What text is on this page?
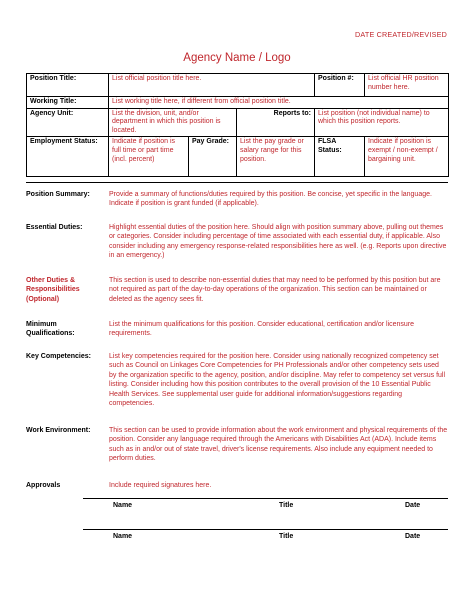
DATE CREATED/REVISED
Agency Name / Logo
Position Title:	List official position title here.			Position #:	List official HR position number here.
Working Title:	List working title here, if different from official position title.				
Agency Unit:	List the division, unit, and/or department in which this position is located.		Reports to:	List position (not individual name) to which this position reports.	
Employment Status:	Indicate if position is full time or part time (incl. percent)	Pay Grade:	List the pay grade or salary range for this position.	FLSA Status:	Indicate if position is exempt / non-exempt / bargaining unit.
Position Summary:	Provide a summary of functions/duties required by this position. Be concise, yet specific in the language. Indicate if position is grant funded (if applicable).
Essential Duties:	Highlight essential duties of the position here. Should align with position summary above, pulling out themes or categories. Consider including percentage of time associated with each essential duty, if applicable. Also consider including any emergency response-related responsibilities here as well. (e.g. Reports upon directive in an emergency.)
Other Duties & Responsibilities (Optional)
This section is used to describe non-essential duties that may need to be performed by this position but are not required as part of the day-to-day operations of the organization. This section can be maintained or deleted as the agency sees fit.
Minimum Qualifications:
List the minimum qualifications for this position. Consider educational, certification and/or licensure requirements.
Key Competencies:	List key competencies required for the position here. Consider using nationally recognized competency set such as Council on Linkages Core Competencies for PH Professionals and/or other competency sets used by the organization specific to the agency, position, and/or discipline. May refer to competency set versus full listing. Consider including how this position contributes to the overall provision of the 10 Essential Public Health Services. See supplemental user guide for additional information/suggestions regarding competencies.
Work Environment:	This section can be used to provide information about the work environment and physical requirements of the position. Consider any language required through the Americans with Disabilities Act (ADA). Include items such as in and/or out of state travel, driver's license requirements. Also include any equipment needed to perform duties.
Approvals	Include required signatures here.
Name	Title	Date
Name	Title	Date
